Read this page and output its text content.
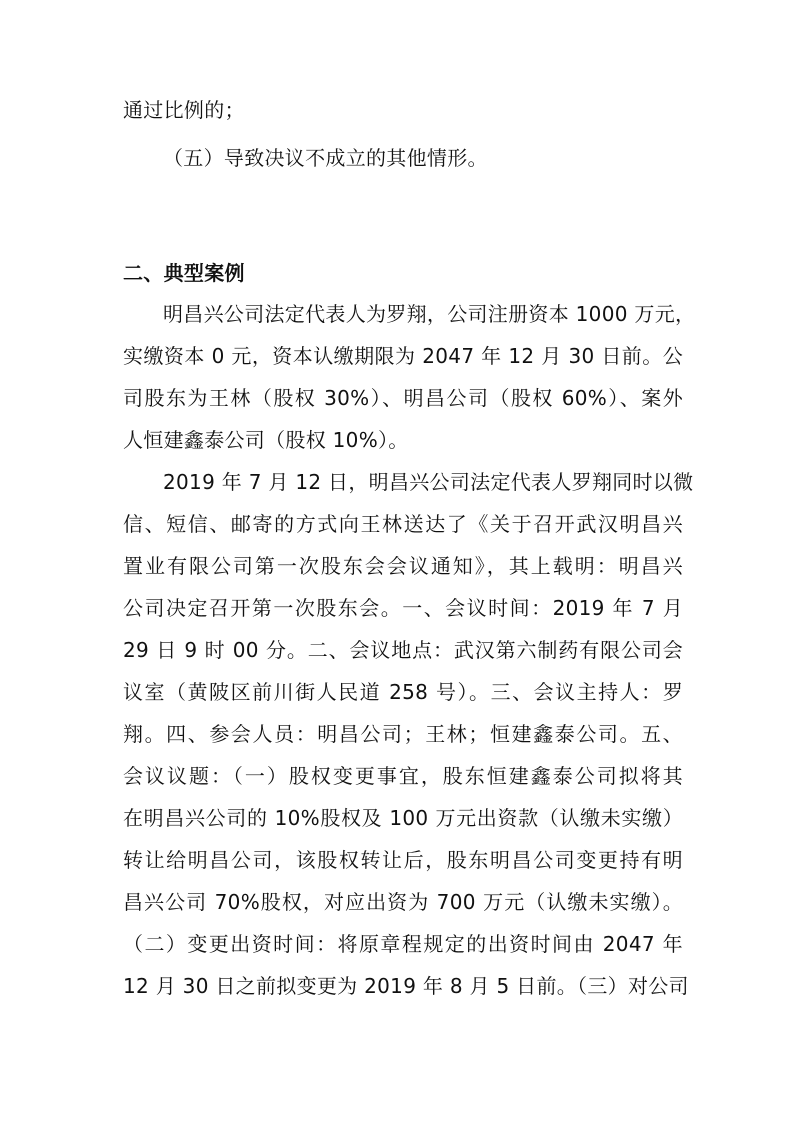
通过比例的；
（五）导致决议不成立的其他情形。
二、典型案例
明昌兴公司法定代表人为罗翔，公司注册资本 1000 万元，
实缴资本 0 元，资本认缴期限为 2047 年 12 月 30 日前。公
司股东为王林（股权 30%）、明昌公司（股权 60%）、案外
人恒建鑫泰公司（股权 10%）。
2019 年 7 月 12 日，明昌兴公司法定代表人罗翔同时以微
信、短信、邮寄的方式向王林送达了《关于召开武汉明昌兴
置业有限公司第一次股东会会议通知》，其上载明：明昌兴
公司决定召开第一次股东会。一、会议时间：2019 年 7 月
29 日 9 时 00 分。二、会议地点：武汉第六制药有限公司会
议室（黄陂区前川街人民道 258 号）。三、会议主持人：罗
翔。四、参会人员：明昌公司；王林；恒建鑫泰公司。五、
会议议题：（一）股权变更事宜，股东恒建鑫泰公司拟将其
在明昌兴公司的 10%股权及 100 万元出资款（认缴未实缴）
转让给明昌公司，该股权转让后，股东明昌公司变更持有明
昌兴公司 70%股权，对应出资为 700 万元（认缴未实缴）。
（二）变更出资时间：将原章程规定的出资时间由 2047 年
12 月 30 日之前拟变更为 2019 年 8 月 5 日前。（三）对公司
